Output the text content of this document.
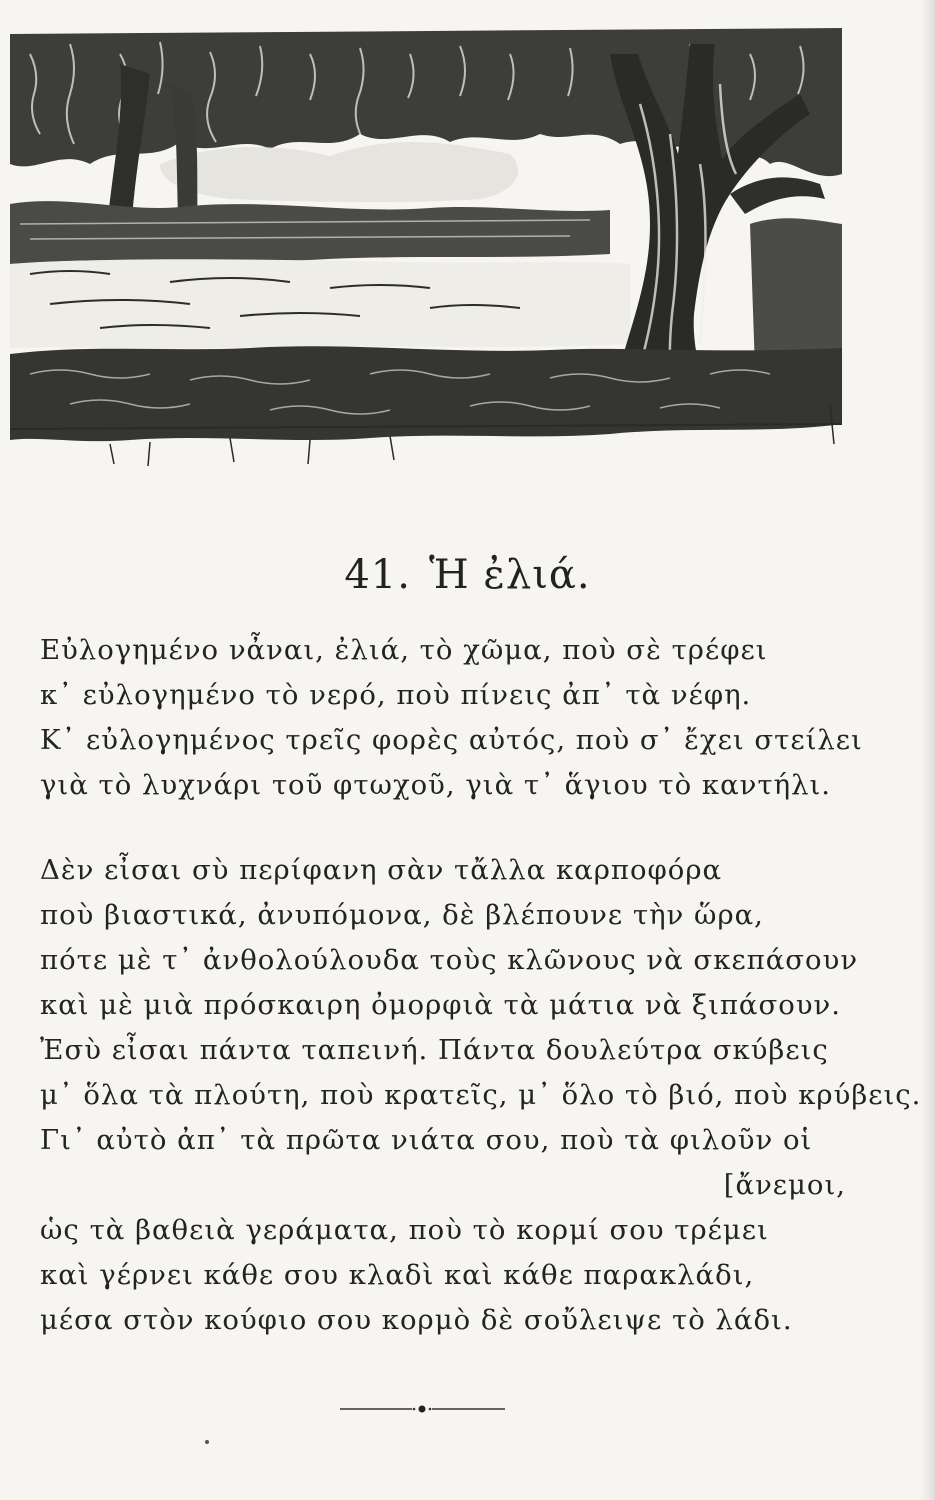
41. Ἡ ἐλιά.
Εὐλογημένο νἆναι, ἐλιά, τὸ χῶμα, ποὺ σὲ τρέφει
κ᾿ εὐλογημένο τὸ νερό, ποὺ πίνεις ἀπ᾿ τὰ νέφη.
Κ᾿ εὐλογημένος τρεῖς φορὲς αὐτός, ποὺ σ᾿ ἔχει στείλει
γιὰ τὸ λυχνάρι τοῦ φτωχοῦ, γιὰ τ᾿ ἅγιου τὸ καντήλι.
Δὲν εἶσαι σὺ περίφανη σὰν τἄλλα καρποφόρα
ποὺ βιαστικά, ἀνυπόμονα, δὲ βλέπουνε τὴν ὥρα,
πότε μὲ τ᾿ ἀνθολούλουδα τοὺς κλῶνους νὰ σκεπάσουν
καὶ μὲ μιὰ πρόσκαιρη ὀμορφιὰ τὰ μάτια νὰ ξιπάσουν.
Ἐσὺ εἶσαι πάντα ταπεινή. Πάντα δουλεύτρα σκύβεις
μ᾿ ὅλα τὰ πλούτη, ποὺ κρατεῖς, μ᾿ ὅλο τὸ βιό, ποὺ κρύβεις.
Γι᾿ αὐτὸ ἀπ᾿ τὰ πρῶτα νιάτα σου, ποὺ τὰ φιλοῦν οἱ
[ἄνεμοι,
ὡς τὰ βαθειὰ γεράματα, ποὺ τὸ κορμί σου τρέμει
καὶ γέρνει κάθε σου κλαδὶ καὶ κάθε παρακλάδι,
μέσα στὸν κούφιο σου κορμὸ δὲ σοὔλειψε τὸ λάδι.
